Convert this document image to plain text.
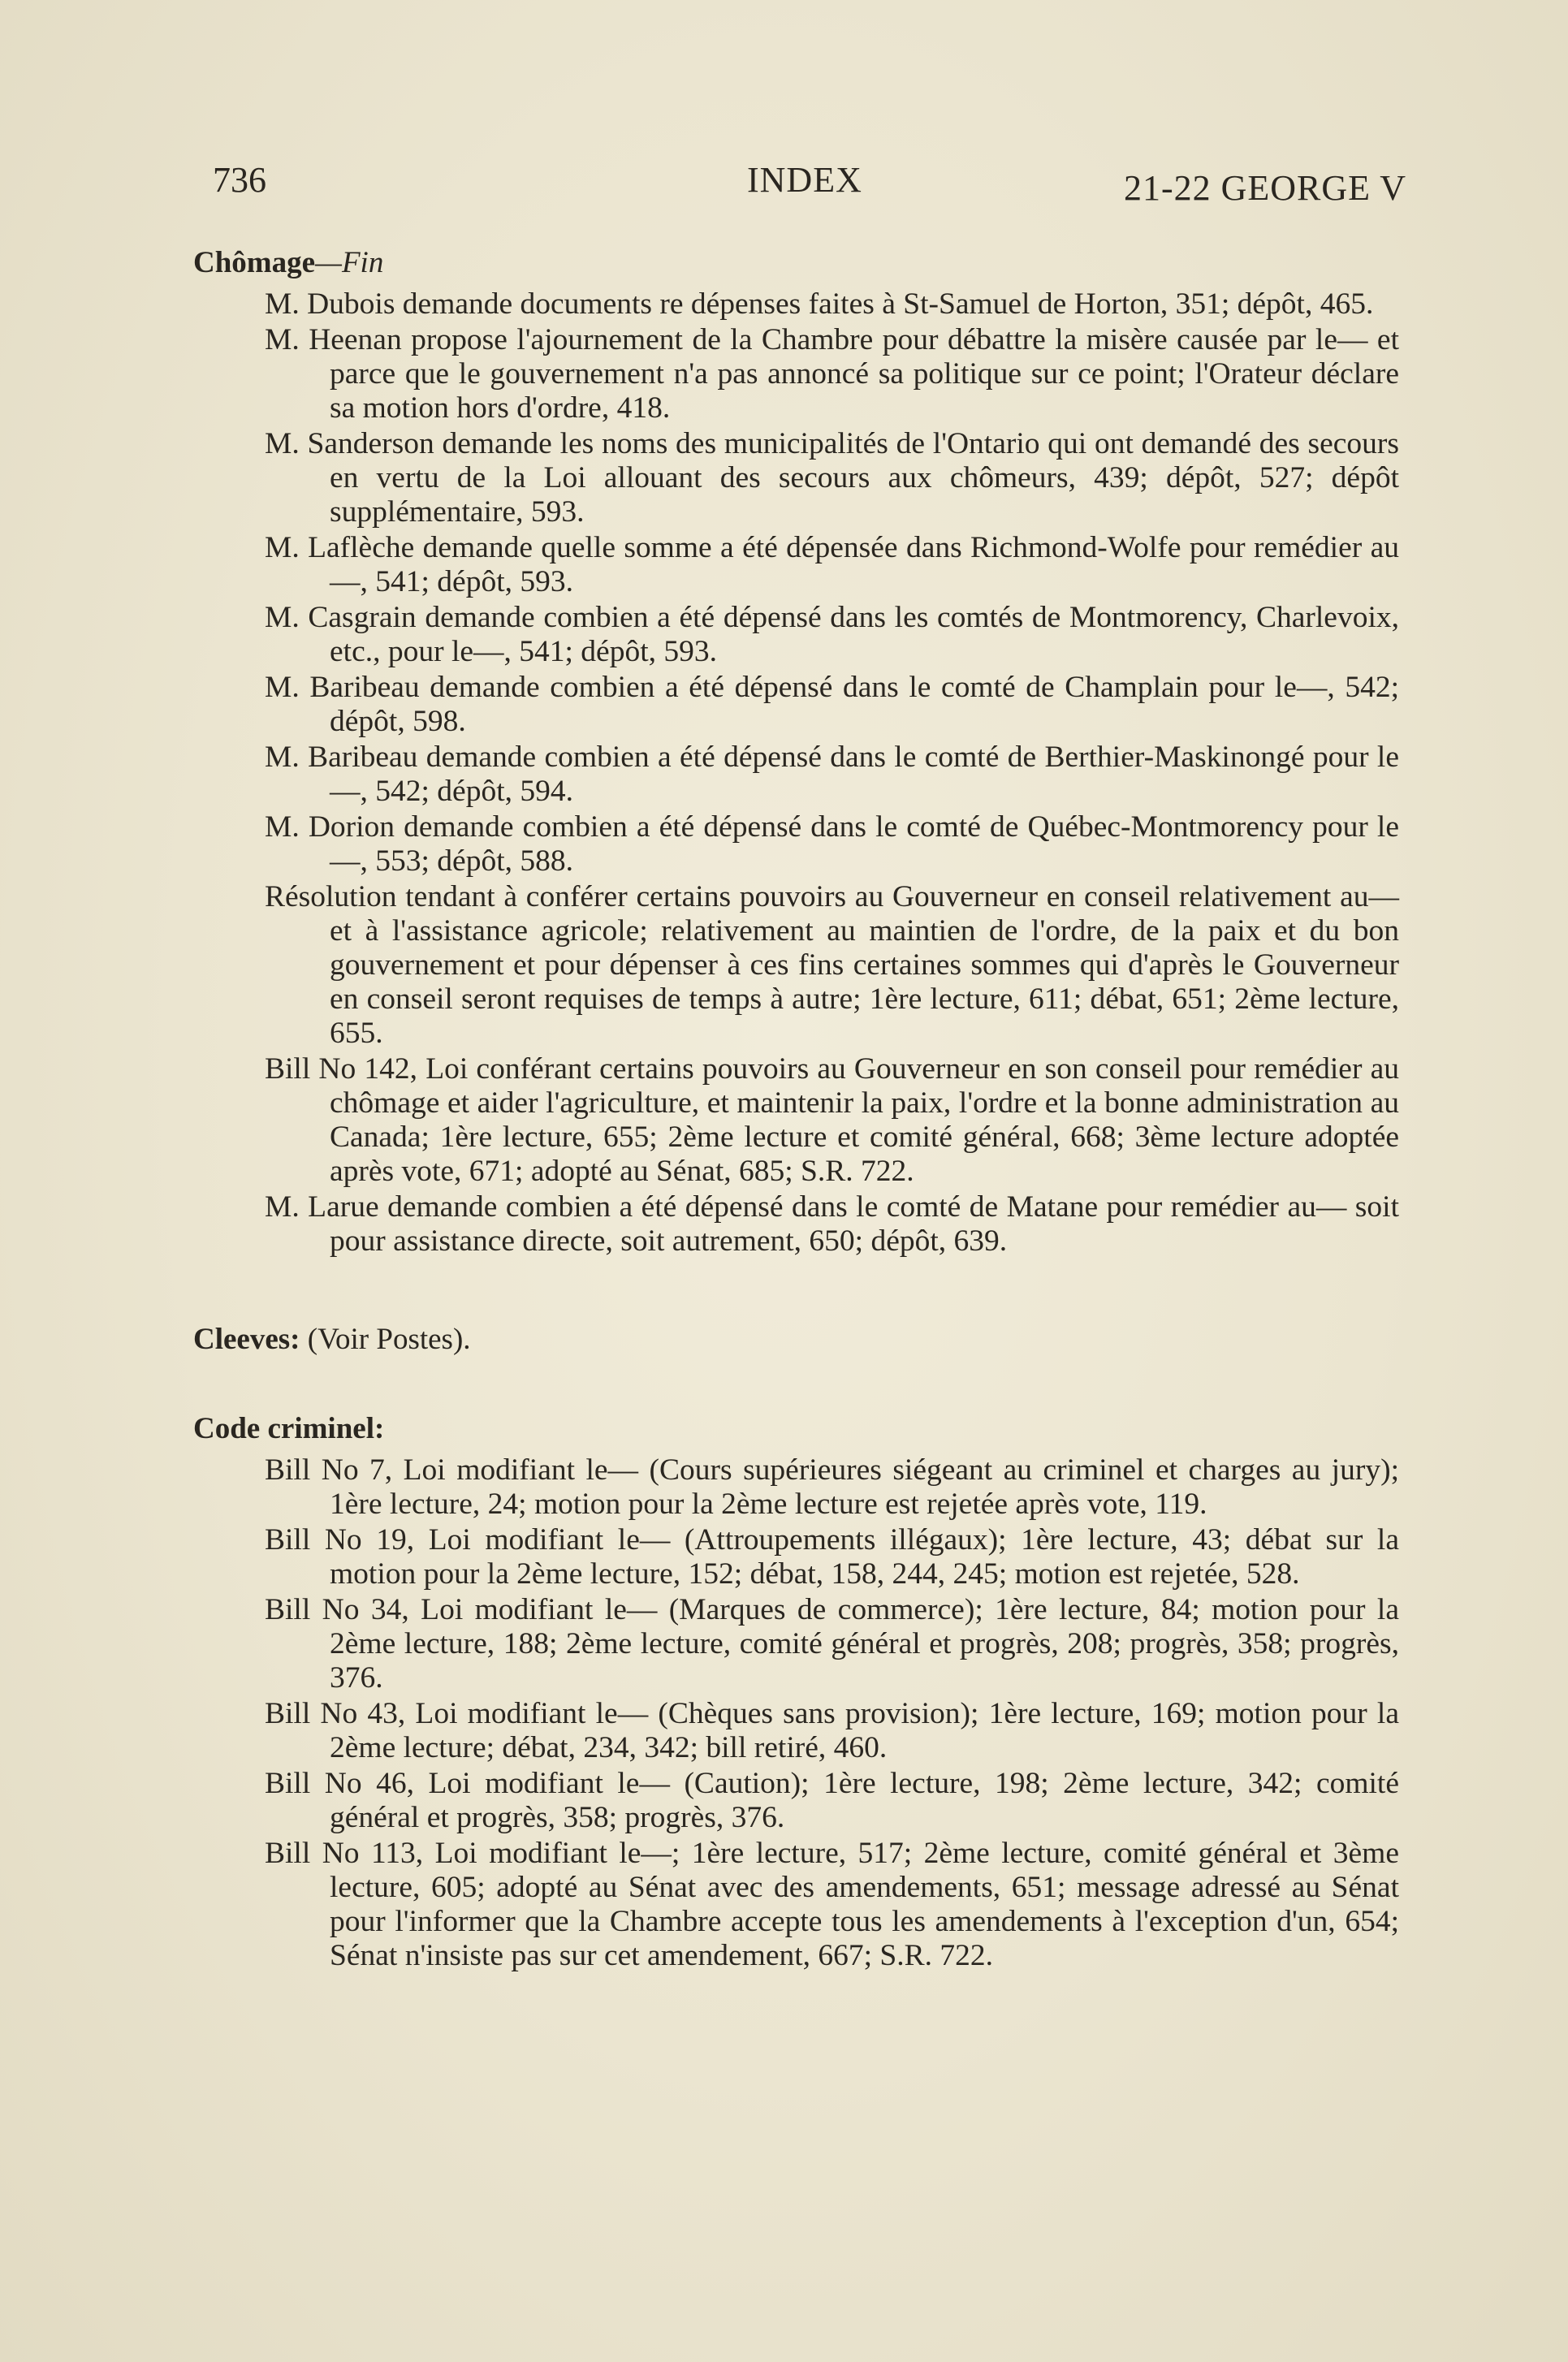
736	INDEX	21-22 GEORGE V

Chômage—Fin

M. Dubois demande documents re dépenses faites à St-Samuel de Horton, 351; dépôt, 465.

M. Heenan propose l'ajournement de la Chambre pour débattre la misère causée par le— et parce que le gouvernement n'a pas annoncé sa politique sur ce point; l'Orateur déclare sa motion hors d'ordre, 418.

M. Sanderson demande les noms des municipalités de l'Ontario qui ont demandé des secours en vertu de la Loi allouant des secours aux chômeurs, 439; dépôt, 527; dépôt supplémentaire, 593.

M. Laflèche demande quelle somme a été dépensée dans Richmond-Wolfe pour remédier au—, 541; dépôt, 593.

M. Casgrain demande combien a été dépensé dans les comtés de Montmorency, Charlevoix, etc., pour le—, 541; dépôt, 593.

M. Baribeau demande combien a été dépensé dans le comté de Champlain pour le—, 542; dépôt, 598.

M. Baribeau demande combien a été dépensé dans le comté de Berthier-Maskinongé pour le—, 542; dépôt, 594.

M. Dorion demande combien a été dépensé dans le comté de Québec-Montmorency pour le—, 553; dépôt, 588.

Résolution tendant à conférer certains pouvoirs au Gouverneur en conseil relativement au— et à l'assistance agricole; relativement au maintien de l'ordre, de la paix et du bon gouvernement et pour dépenser à ces fins certaines sommes qui d'après le Gouverneur en conseil seront requises de temps à autre; 1ère lecture, 611; débat, 651; 2ème lecture, 655.

Bill No 142, Loi conférant certains pouvoirs au Gouverneur en son conseil pour remédier au chômage et aider l'agriculture, et maintenir la paix, l'ordre et la bonne administration au Canada; 1ère lecture, 655; 2ème lecture et comité général, 668; 3ème lecture adoptée après vote, 671; adopté au Sénat, 685; S.R. 722.

M. Larue demande combien a été dépensé dans le comté de Matane pour remédier au— soit pour assistance directe, soit autrement, 650; dépôt, 639.

Cleeves: (Voir Postes).

Code criminel:

Bill No 7, Loi modifiant le— (Cours supérieures siégeant au criminel et charges au jury); 1ère lecture, 24; motion pour la 2ème lecture est rejetée après vote, 119.

Bill No 19, Loi modifiant le— (Attroupements illégaux); 1ère lecture, 43; débat sur la motion pour la 2ème lecture, 152; débat, 158, 244, 245; motion est rejetée, 528.

Bill No 34, Loi modifiant le— (Marques de commerce); 1ère lecture, 84; motion pour la 2ème lecture, 188; 2ème lecture, comité général et progrès, 208; progrès, 358; progrès, 376.

Bill No 43, Loi modifiant le— (Chèques sans provision); 1ère lecture, 169; motion pour la 2ème lecture; débat, 234, 342; bill retiré, 460.

Bill No 46, Loi modifiant le— (Caution); 1ère lecture, 198; 2ème lecture, 342; comité général et progrès, 358; progrès, 376.

Bill No 113, Loi modifiant le—; 1ère lecture, 517; 2ème lecture, comité général et 3ème lecture, 605; adopté au Sénat avec des amendements, 651; message adressé au Sénat pour l'informer que la Chambre accepte tous les amendements à l'exception d'un, 654; Sénat n'insiste pas sur cet amendement, 667; S.R. 722.
